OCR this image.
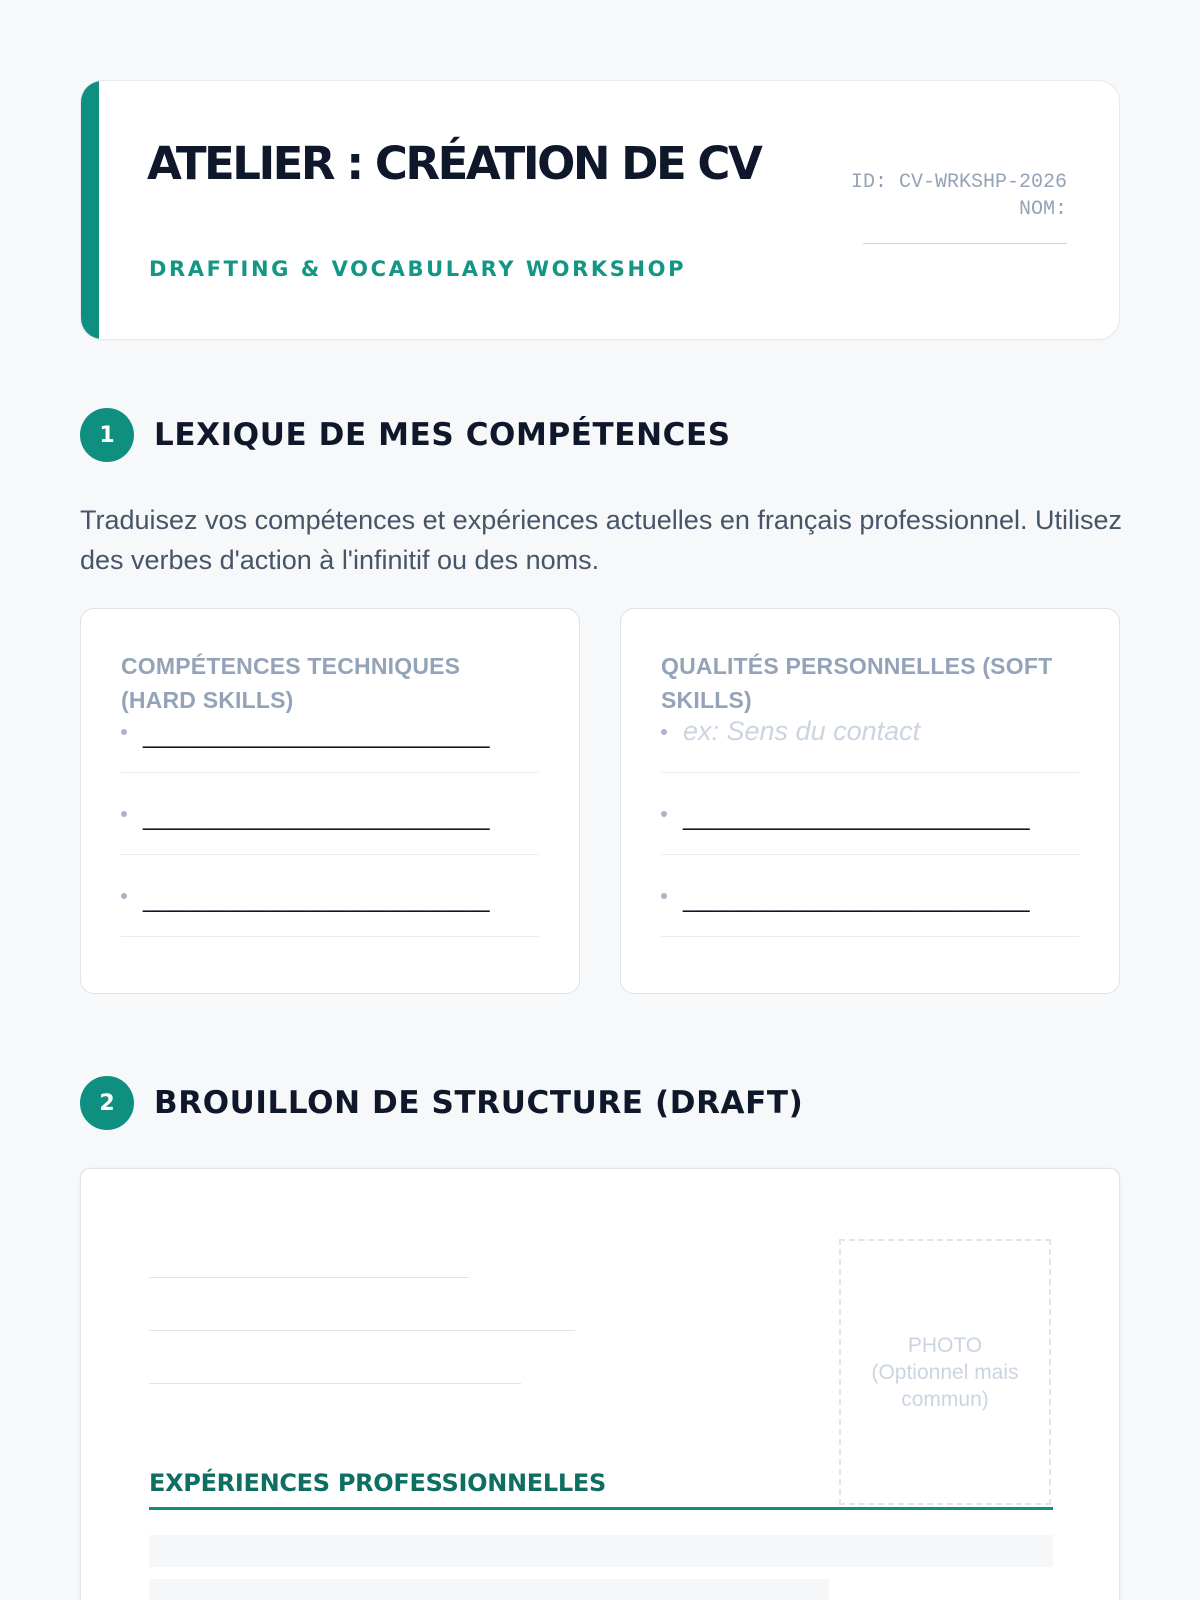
ATELIER : CRÉATION DE CV
DRAFTING & VOCABULARY WORKSHOP
ID: CV-WRKSHP-2026
NOM:
1	LEXIQUE DE MES COMPÉTENCES
Traduisez vos compétences et expériences actuelles en français professionnel. Utilisez des verbes d'action à l'infinitif ou des noms.
COMPÉTENCES TECHNIQUES (HARD SKILLS)
__________________________
__________________________
__________________________
QUALITÉS PERSONNELLES (SOFT SKILLS)
ex: Sens du contact
__________________________
__________________________
2	BROUILLON DE STRUCTURE (DRAFT)
PHOTO (Optionnel mais commun)
EXPÉRIENCES PROFESSIONNELLES
